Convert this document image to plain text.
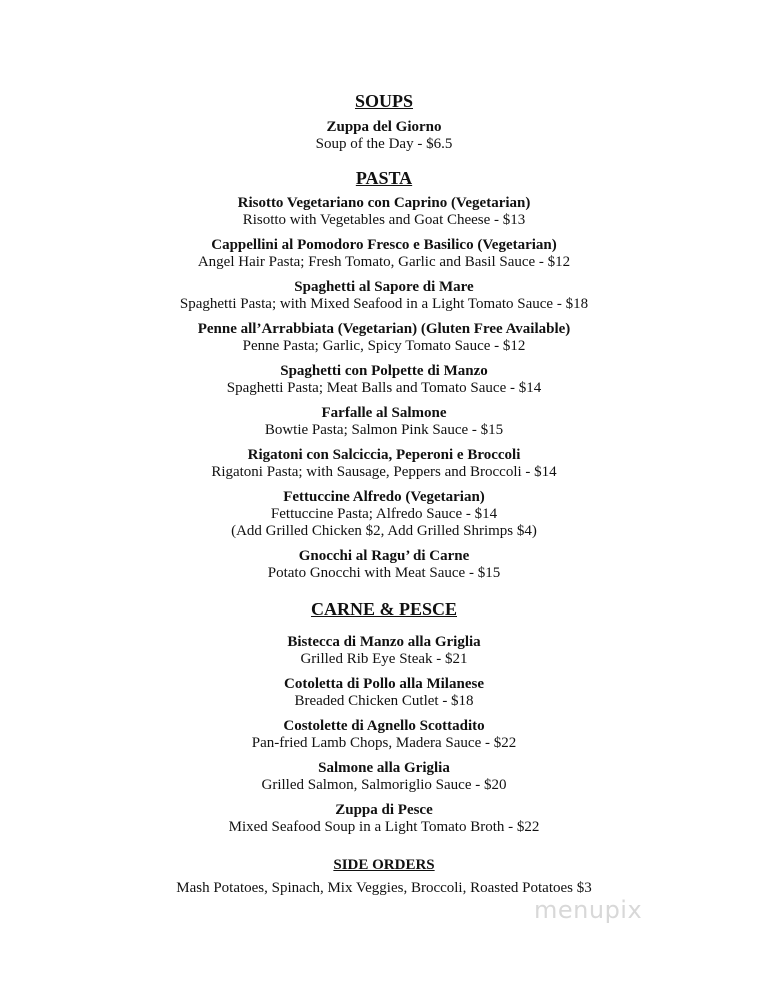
SOUPS
Zuppa del Giorno
Soup of the Day - $6.5
PASTA
Risotto Vegetariano con Caprino (Vegetarian)
Risotto with Vegetables and Goat Cheese - $13
Cappellini al Pomodoro Fresco e Basilico (Vegetarian)
Angel Hair Pasta; Fresh Tomato, Garlic and Basil Sauce - $12
Spaghetti al Sapore di Mare
Spaghetti Pasta; with Mixed Seafood in a Light Tomato Sauce - $18
Penne all’Arrabbiata (Vegetarian) (Gluten Free Available)
Penne Pasta; Garlic, Spicy Tomato Sauce - $12
Spaghetti con Polpette di Manzo
Spaghetti Pasta; Meat Balls and Tomato Sauce - $14
Farfalle al Salmone
Bowtie Pasta; Salmon Pink Sauce - $15
Rigatoni con Salciccia, Peperoni e Broccoli
Rigatoni Pasta; with Sausage, Peppers and Broccoli - $14
Fettuccine Alfredo (Vegetarian)
Fettuccine Pasta; Alfredo Sauce - $14
(Add Grilled Chicken $2, Add Grilled Shrimps $4)
Gnocchi al Ragu’ di Carne
Potato Gnocchi with Meat Sauce - $15
CARNE & PESCE
Bistecca di Manzo alla Griglia
Grilled Rib Eye Steak - $21
Cotoletta di Pollo alla Milanese
Breaded Chicken Cutlet - $18
Costolette di Agnello Scottadito
Pan-fried Lamb Chops, Madera Sauce - $22
Salmone alla Griglia
Grilled Salmon, Salmoriglio Sauce - $20
Zuppa di Pesce
Mixed Seafood Soup in a Light Tomato Broth - $22
SIDE ORDERS
Mash Potatoes, Spinach, Mix Veggies, Broccoli, Roasted Potatoes $3
menupix
